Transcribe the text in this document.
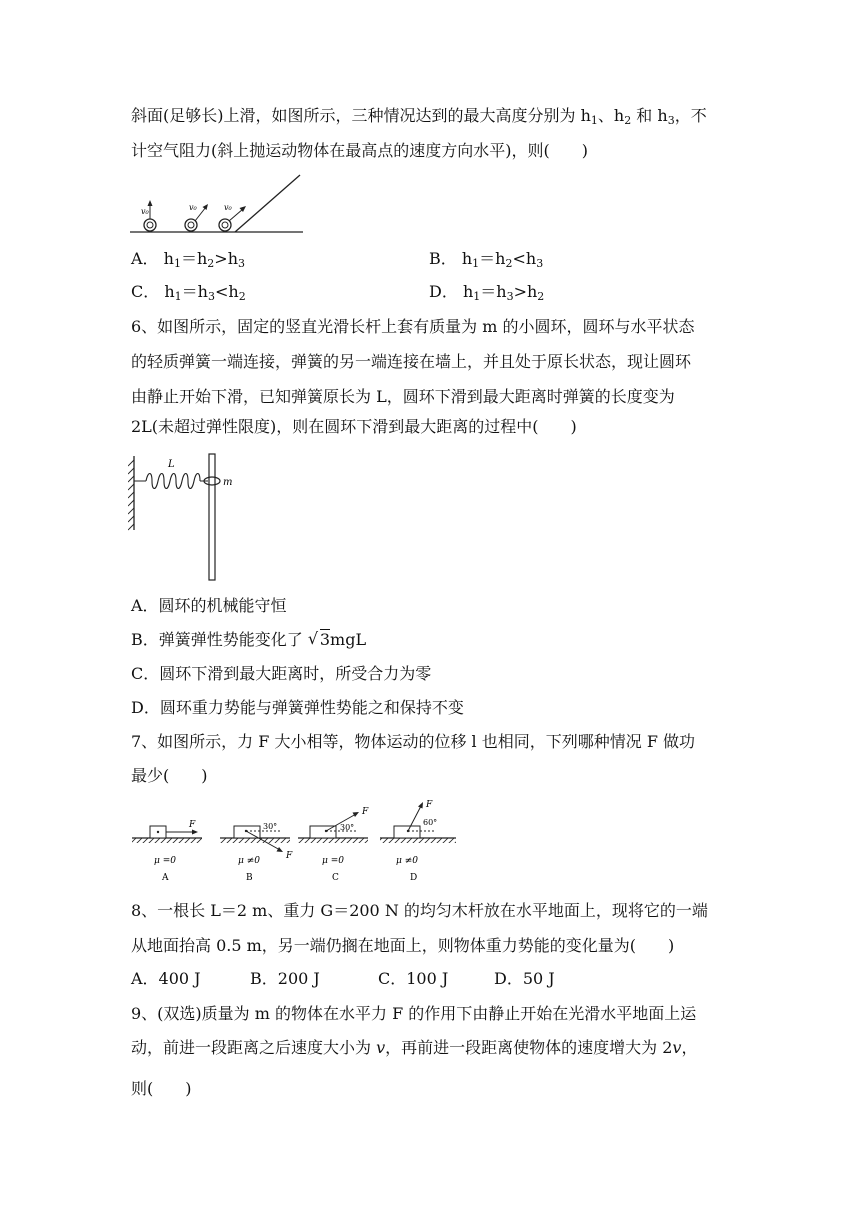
斜面(足够长)上滑，如图所示，三种情况达到的最大高度分别为 $h_1$、$h_2$ 和 $h_3$，不
计空气阻力(斜上抛运动物体在最高点的速度方向水平)，则(　　)
v₀	v₀	v₀
A． $h_1=h_2>h_3$	B． $h_1=h_2<h_3$
C． $h_1=h_3<h_2$	D． $h_1=h_3>h_2$
6、如图所示，固定的竖直光滑长杆上套有质量为 m 的小圆环，圆环与水平状态
的轻质弹簧一端连接，弹簧的另一端连接在墙上，并且处于原长状态，现让圆环
由静止开始下滑，已知弹簧原长为 L，圆环下滑到最大距离时弹簧的长度变为
2L(未超过弹性限度)，则在圆环下滑到最大距离的过程中(　　)
L
m
A．圆环的机械能守恒
B．弹簧弹性势能变化了 √ 3mgL
C．圆环下滑到最大距离时，所受合力为零
D．圆环重力势能与弹簧弹性势能之和保持不变
7、如图所示，力 F 大小相等，物体运动的位移 l 也相同，下列哪种情况 F 做功
最少(　　)
F
μ =0
A
30°
F
μ ≠0
B
30°
F
μ =0
C
60°
F
μ ≠0
D
8、一根长 L＝2 m、重力 G＝200 N 的均匀木杆放在水平地面上，现将它的一端
从地面抬高 0.5 m，另一端仍搁在地面上，则物体重力势能的变化量为(　　)
A．400 J	B．200 J	C．100 J	D．50 J
9、(双选)质量为 m 的物体在水平力 F 的作用下由静止开始在光滑水平地面上运
动，前进一段距离之后速度大小为 v，再前进一段距离使物体的速度增大为 2v，
则(　　)
